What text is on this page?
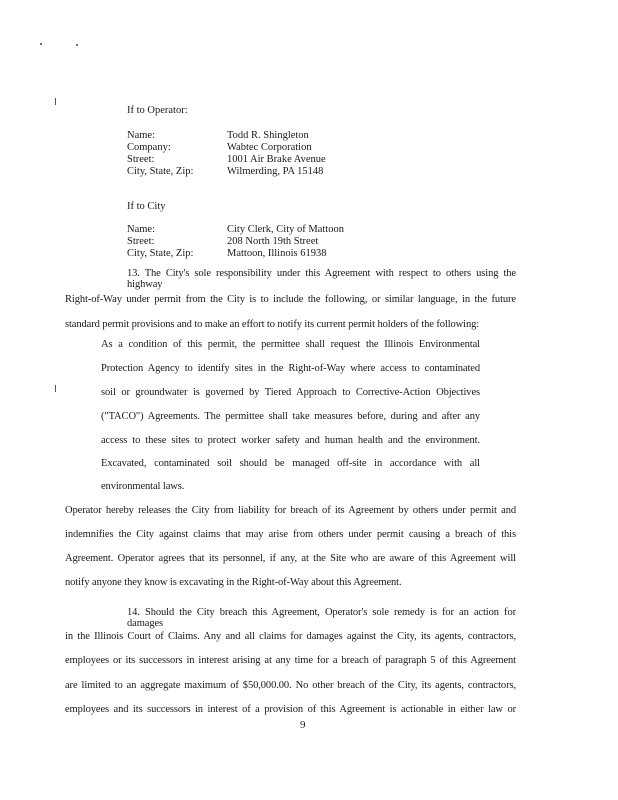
If to Operator:
Name:	Todd R. Shingleton
Company:	Wabtec Corporation
Street:	1001 Air Brake Avenue
City, State, Zip:	Wilmerding, PA 15148
If to City
Name:	City Clerk, City of Mattoon
Street:	208 North 19th Street
City, State, Zip:	Mattoon, Illinois 61938
13. The City's sole responsibility under this Agreement with respect to others using the highway
Right-of-Way under permit from the City is to include the following, or similar language, in the future
standard permit provisions and to make an effort to notify its current permit holders of the following:
As a condition of this permit, the permittee shall request the Illinois Environmental
Protection Agency to identify sites in the Right-of-Way where access to contaminated
soil or groundwater is governed by Tiered Approach to Corrective-Action Objectives
("TACO") Agreements. The permittee shall take measures before, during and after any
access to these sites to protect worker safety and human health and the environment.
Excavated, contaminated soil should be managed off-site in accordance with all
environmental laws.
Operator hereby releases the City from liability for breach of its Agreement by others under permit and
indemnifies the City against claims that may arise from others under permit causing a breach of this
Agreement. Operator agrees that its personnel, if any, at the Site who are aware of this Agreement will
notify anyone they know is excavating in the Right-of-Way about this Agreement.
14. Should the City breach this Agreement, Operator's sole remedy is for an action for damages
in the Illinois Court of Claims. Any and all claims for damages against the City, its agents, contractors,
employees or its successors in interest arising at any time for a breach of paragraph 5 of this Agreement
are limited to an aggregate maximum of $50,000.00. No other breach of the City, its agents, contractors,
employees and its successors in interest of a provision of this Agreement is actionable in either law or
9
